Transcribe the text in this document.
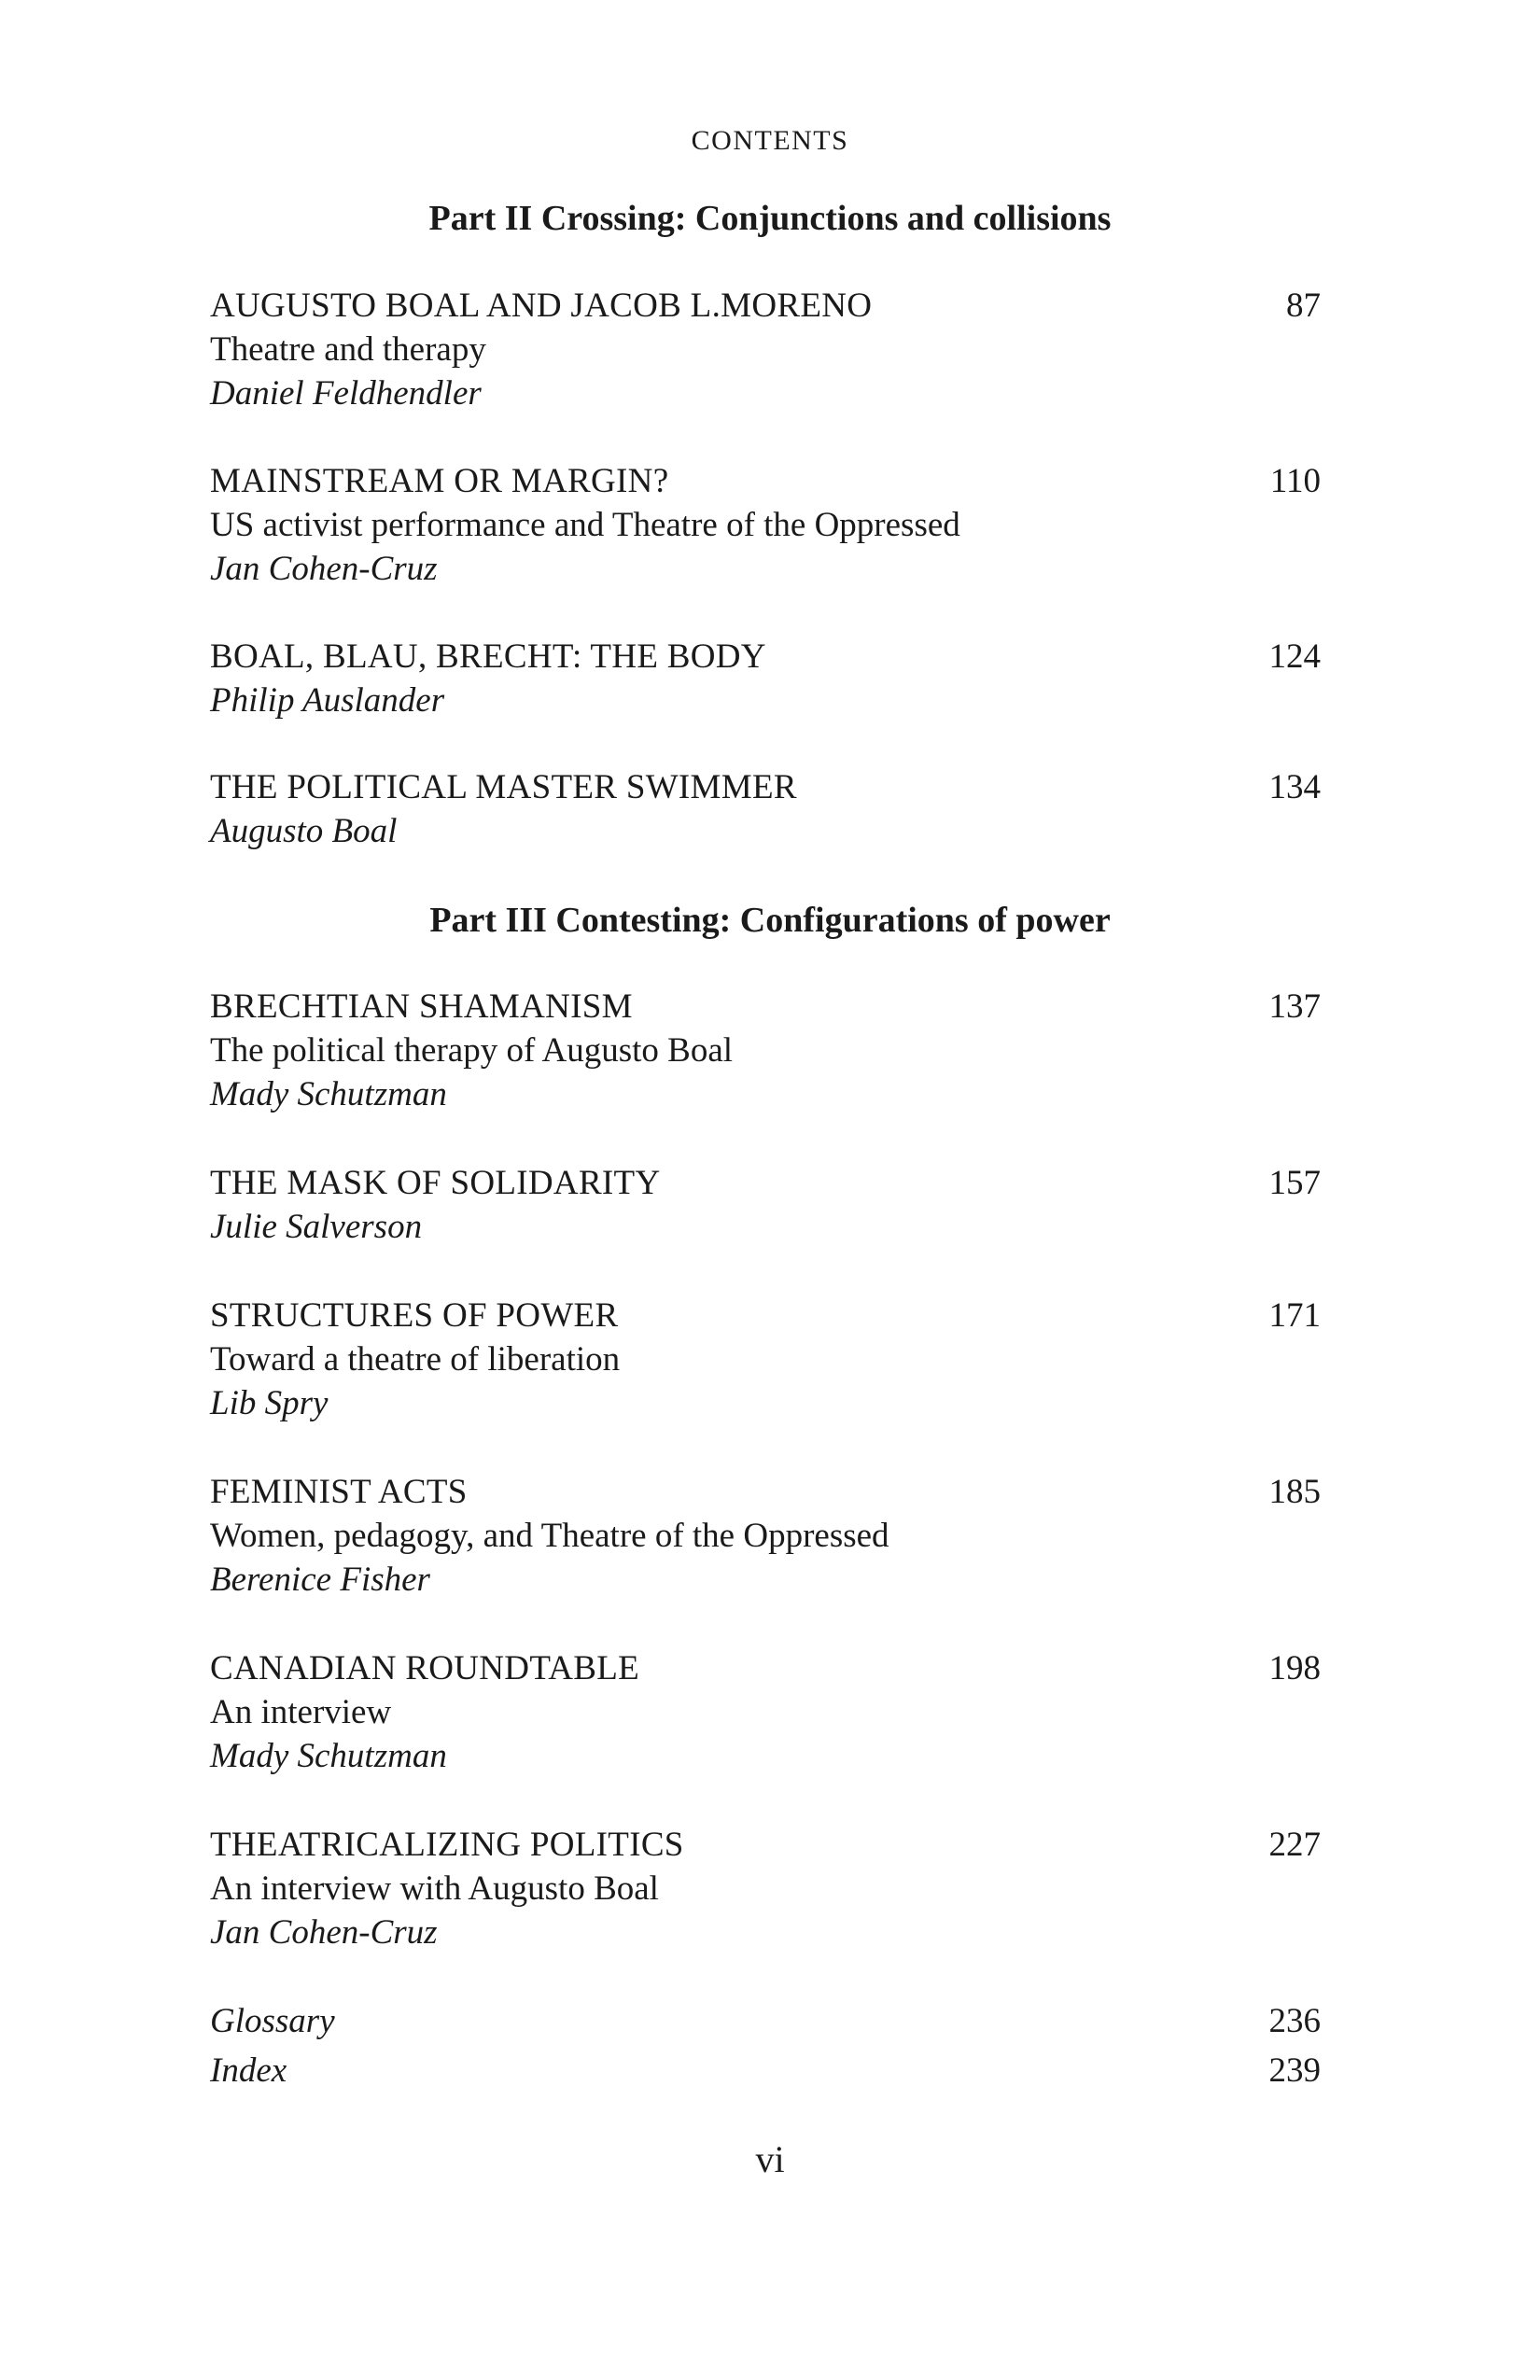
CONTENTS
Part II Crossing: Conjunctions and collisions
AUGUSTO BOAL AND JACOB L.MORENO
Theatre and therapy
Daniel Feldhendler
87
MAINSTREAM OR MARGIN?
US activist performance and Theatre of the Oppressed
Jan Cohen-Cruz
110
BOAL, BLAU, BRECHT: THE BODY
Philip Auslander
124
THE POLITICAL MASTER SWIMMER
Augusto Boal
134
Part III Contesting: Configurations of power
BRECHTIAN SHAMANISM
The political therapy of Augusto Boal
Mady Schutzman
137
THE MASK OF SOLIDARITY
Julie Salverson
157
STRUCTURES OF POWER
Toward a theatre of liberation
Lib Spry
171
FEMINIST ACTS
Women, pedagogy, and Theatre of the Oppressed
Berenice Fisher
185
CANADIAN ROUNDTABLE
An interview
Mady Schutzman
198
THEATRICALIZING POLITICS
An interview with Augusto Boal
Jan Cohen-Cruz
227
Glossary	236
Index	239
vi
